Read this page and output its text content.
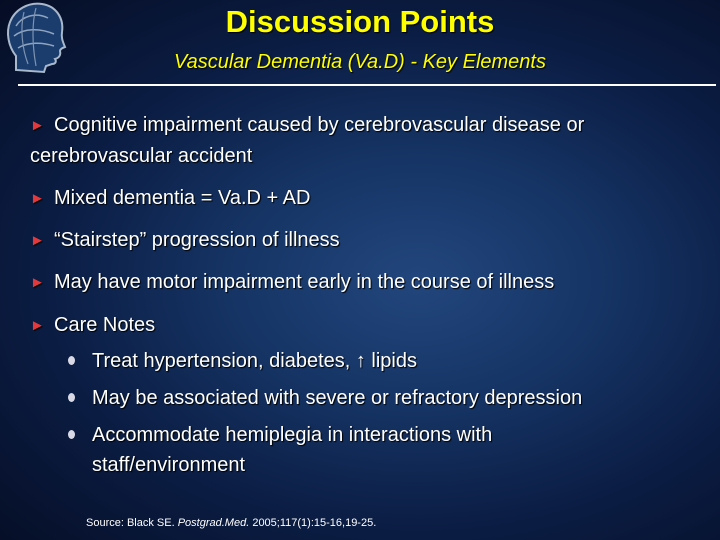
Discussion Points
Vascular Dementia (Va.D) - Key Elements
► Cognitive impairment caused by cerebrovascular disease or
cerebrovascular accident
► Mixed dementia = Va.D + AD
► “Stairstep” progression of illness
► May have motor impairment early in the course of illness
► Care Notes
Treat hypertension, diabetes, ↑ lipids
May be associated with severe or refractory depression
Accommodate hemiplegia in interactions with
staff/environment
Source: Black SE. Postgrad.Med. 2005;117(1):15-16,19-25.
